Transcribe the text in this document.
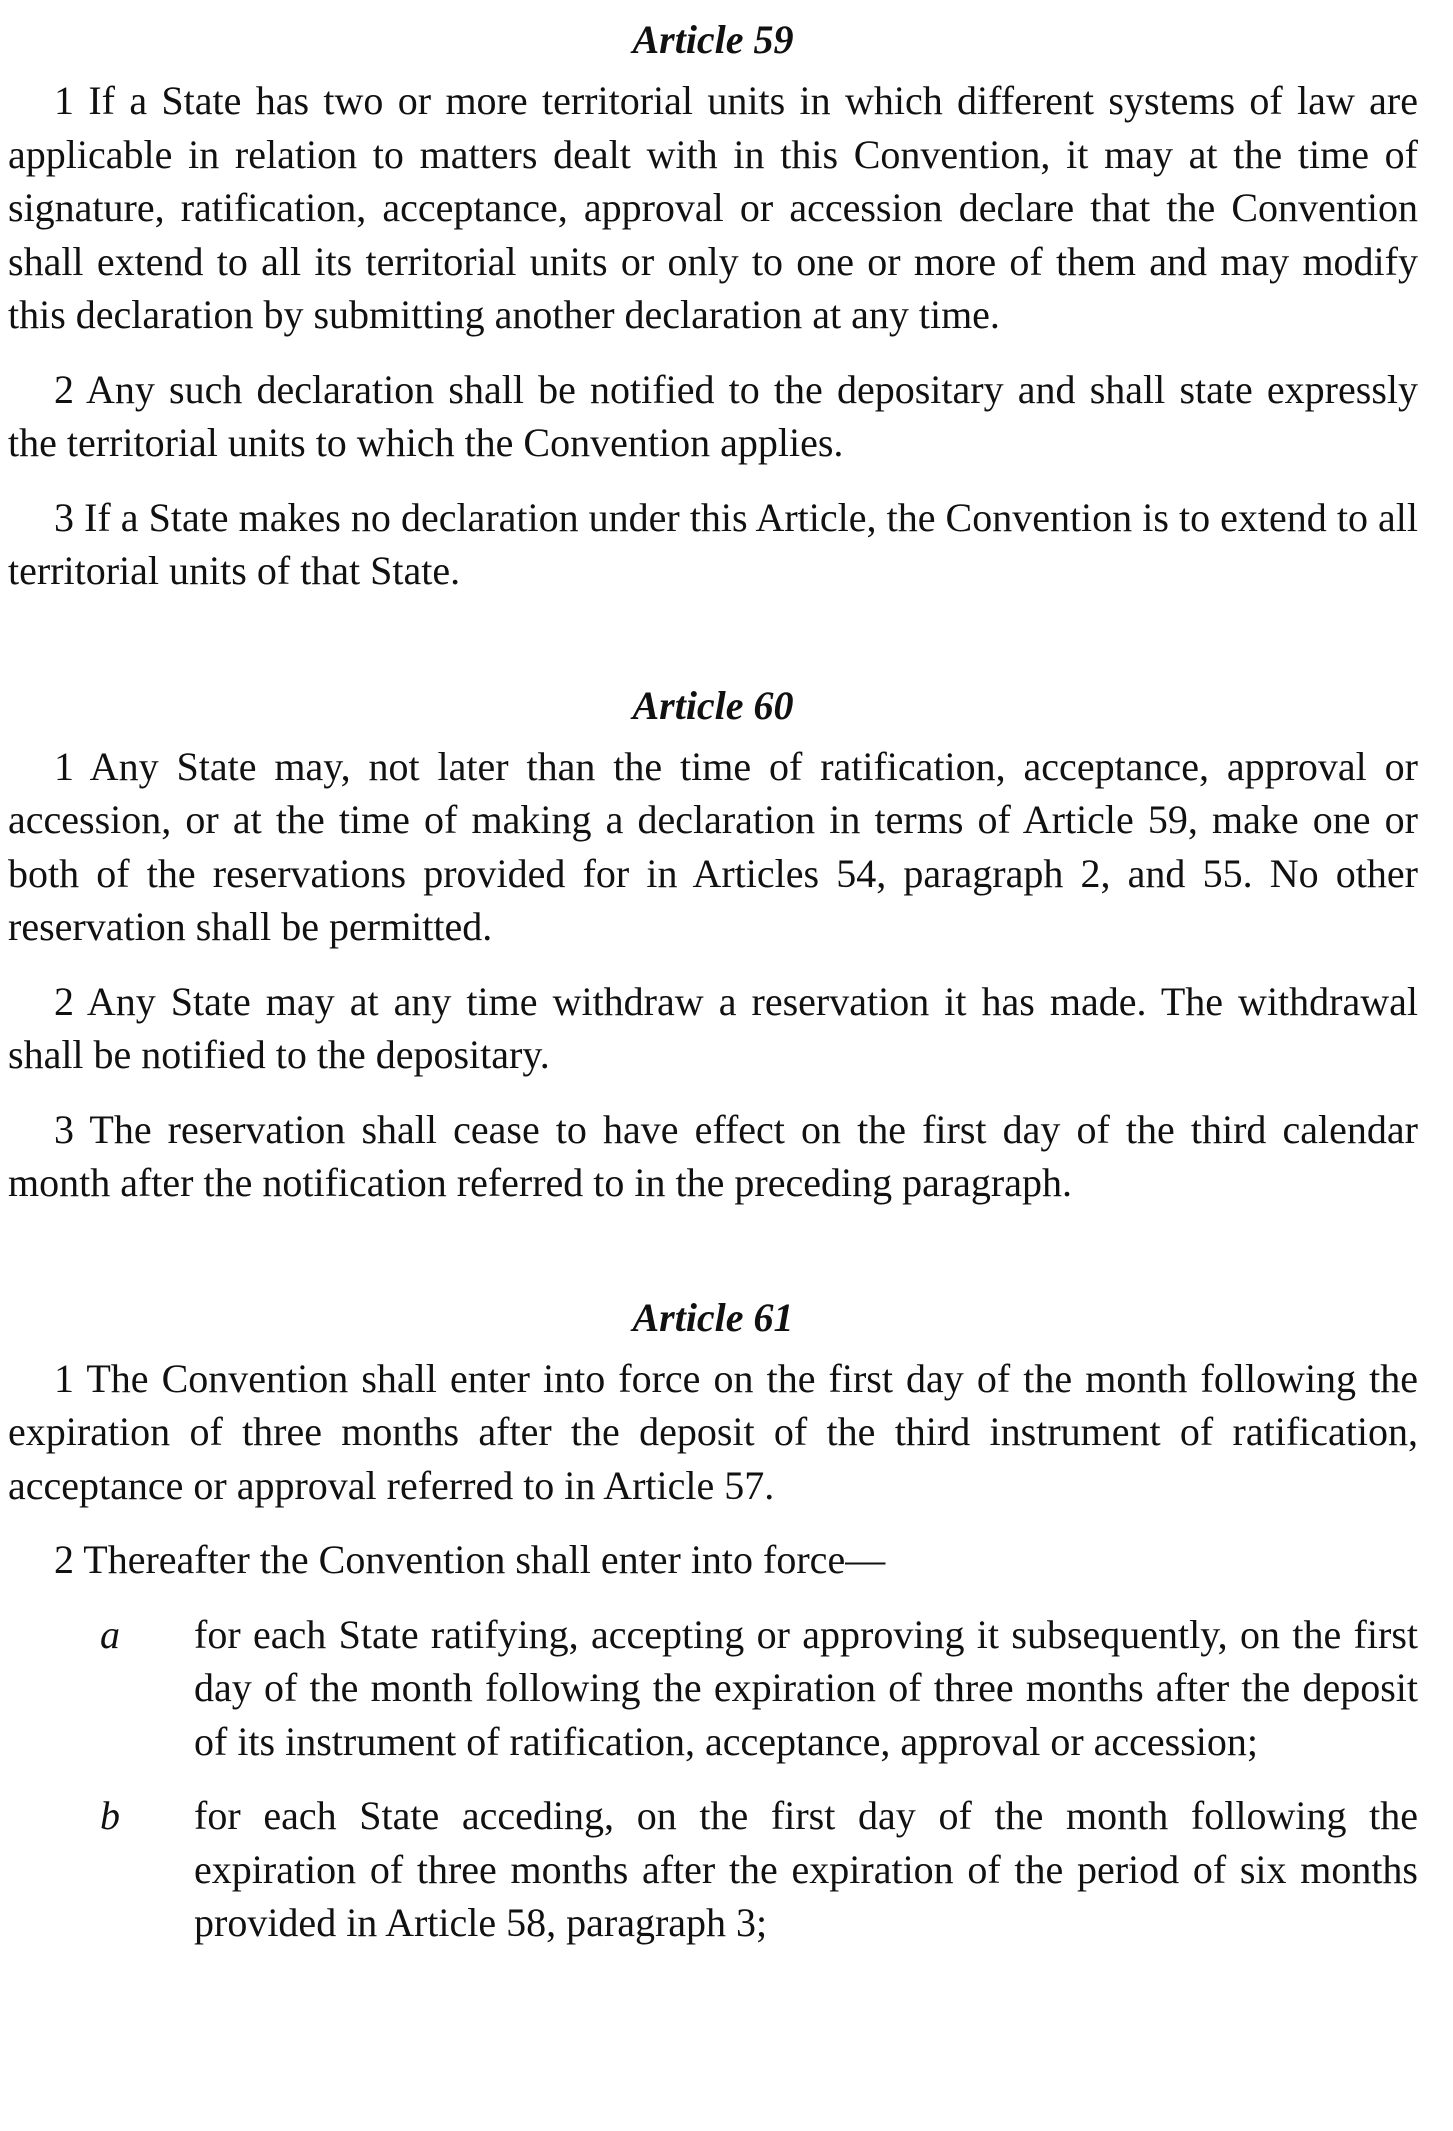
Article 59

1 If a State has two or more territorial units in which different systems of law are applicable in relation to matters dealt with in this Convention, it may at the time of signature, ratification, acceptance, approval or accession declare that the Convention shall extend to all its territorial units or only to one or more of them and may modify this declaration by submitting another declaration at any time.

2 Any such declaration shall be notified to the depositary and shall state expressly the territorial units to which the Convention applies.

3 If a State makes no declaration under this Article, the Convention is to extend to all territorial units of that State.

Article 60

1 Any State may, not later than the time of ratification, acceptance, approval or accession, or at the time of making a declaration in terms of Article 59, make one or both of the reservations provided for in Articles 54, paragraph 2, and 55. No other reservation shall be permitted.

2 Any State may at any time withdraw a reservation it has made. The withdrawal shall be notified to the depositary.

3 The reservation shall cease to have effect on the first day of the third calendar month after the notification referred to in the preceding paragraph.

Article 61

1 The Convention shall enter into force on the first day of the month following the expiration of three months after the deposit of the third instrument of ratification, acceptance or approval referred to in Article 57.

2 Thereafter the Convention shall enter into force—

a	for each State ratifying, accepting or approving it subsequently, on the first day of the month following the expiration of three months after the deposit of its instrument of ratification, acceptance, approval or accession;
b	for each State acceding, on the first day of the month following the expiration of three months after the expiration of the period of six months provided in Article 58, paragraph 3;
